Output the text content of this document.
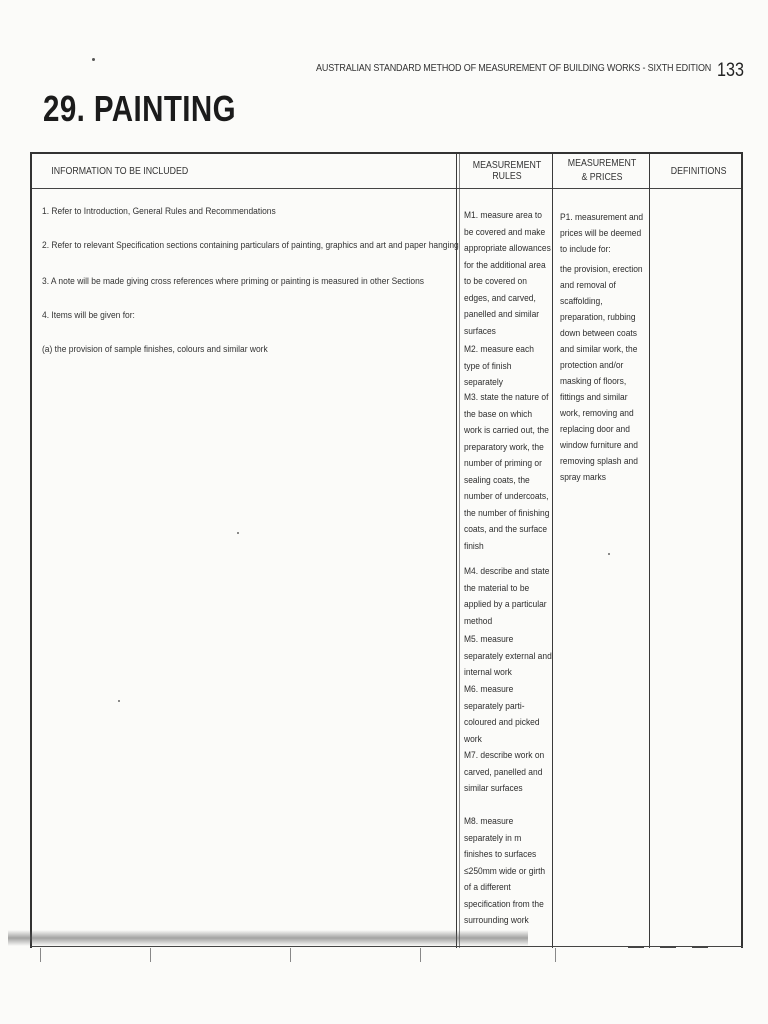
AUSTRALIAN STANDARD METHOD OF MEASUREMENT OF BUILDING WORKS - SIXTH EDITION 133
29. PAINTING
INFORMATION TO BE INCLUDED	MEASUREMENT RULES
MEASUREMENT & PRICES
DEFINITIONS
1. Refer to Introduction, General Rules and Recommendations
2. Refer to relevant Specification sections containing particulars of painting, graphics and art and paper hanging
3. A note will be made giving cross references where priming or painting is measured in other Sections
4. Items will be given for:
(a) the provision of sample finishes, colours and similar work
M1. measure area to be covered and make appropriate allowances for the additional area to be covered on edges, and carved, panelled and similar surfaces
M2. measure each type of finish separately
M3. state the nature of the base on which work is carried out, the preparatory work, the number of priming or sealing coats, the number of undercoats, the number of finishing coats, and the surface finish
M4. describe and state the material to be applied by a particular method
M5. measure separately external and internal work
M6. measure separately parti-coloured and picked work
M7. describe work on carved, panelled and similar surfaces
M8. measure separately in m finishes to surfaces ≤250mm wide or girth of a different specification from the surrounding work
P1. measurement and prices will be deemed to include for:
the provision, erection and removal of scaffolding, preparation, rubbing down between coats and similar work, the protection and/or masking of floors, fittings and similar work, removing and replacing door and window furniture and removing splash and spray marks
